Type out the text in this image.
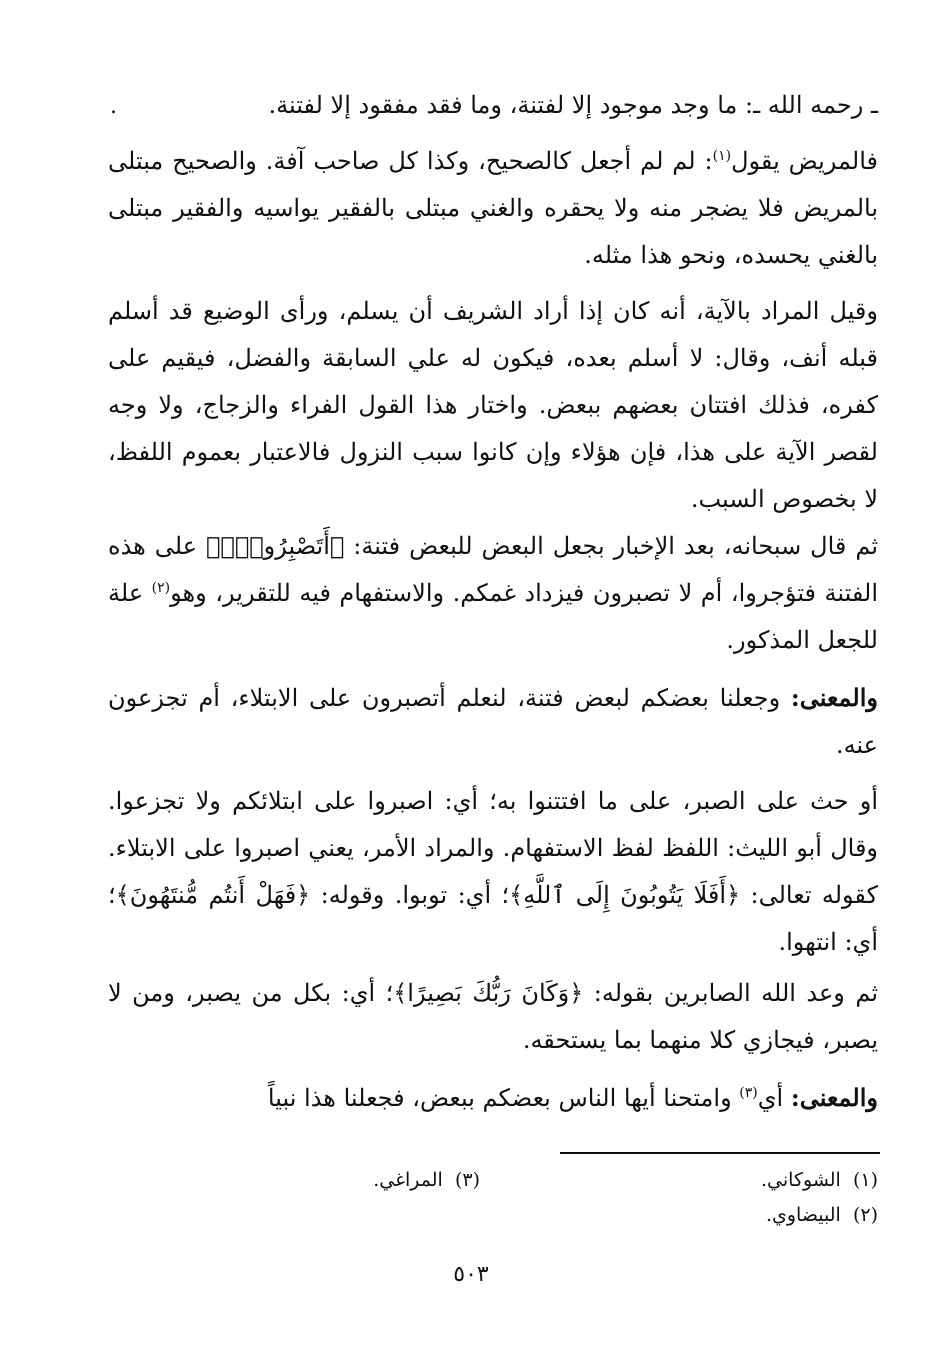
.	ـ رحمه الله ـ: ما وجد موجود إلا لفتنة، وما فقد مفقود إلا لفتنة.

فالمريض يقول$^{(١)}$: لم لم أجعل كالصحيح، وكذا كل صاحب آفة. والصحيح مبتلى بالمريض فلا يضجر منه ولا يحقره والغني مبتلى بالفقير يواسيه والفقير مبتلى بالغني يحسده، ونحو هذا مثله.

وقيل المراد بالآية، أنه كان إذا أراد الشريف أن يسلم، ورأى الوضيع قد أسلم قبله أنف، وقال: لا أسلم بعده، فيكون له علي السابقة والفضل، فيقيم على كفره، فذلك افتتان بعضهم ببعض. واختار هذا القول الفراء والزجاج، ولا وجه لقصر الآية على هذا، فإن هؤلاء وإن كانوا سبب النزول فالاعتبار بعموم اللفظ، لا بخصوص السبب.

ثم قال سبحانه، بعد الإخبار بجعل البعض للبعض فتنة: ﴿أَتَصْبِرُونَۗ﴾ على هذه الفتنة فتؤجروا، أم لا تصبرون فيزداد غمكم. والاستفهام فيه للتقرير، وهو$^{(٢)}$ علة للجعل المذكور.

والمعنى: وجعلنا بعضكم لبعض فتنة، لنعلم أتصبرون على الابتلاء، أم تجزعون عنه.

أو حث على الصبر، على ما افتتنوا به؛ أي: اصبروا على ابتلائكم ولا تجزعوا. وقال أبو الليث: اللفظ لفظ الاستفهام. والمراد الأمر، يعني اصبروا على الابتلاء. كقوله تعالى: ﴿أَفَلَا يَتُوبُونَ إِلَى ٱللَّهِ﴾؛ أي: توبوا. وقوله: ﴿فَهَلْ أَنتُم مُّنتَهُونَ﴾؛ أي: انتهوا.

ثم وعد الله الصابرين بقوله: ﴿وَكَانَ رَبُّكَ بَصِيرًا﴾؛ أي: بكل من يصبر، ومن لا يصبر، فيجازي كلا منهما بما يستحقه.

والمعنى: أي$^{(٣)}$ وامتحنا أيها الناس بعضكم ببعض، فجعلنا هذا نبياً

(١)  الشوكاني.
(٢)  البيضاوي.
(٣)  المراغي.
٥٠٣
